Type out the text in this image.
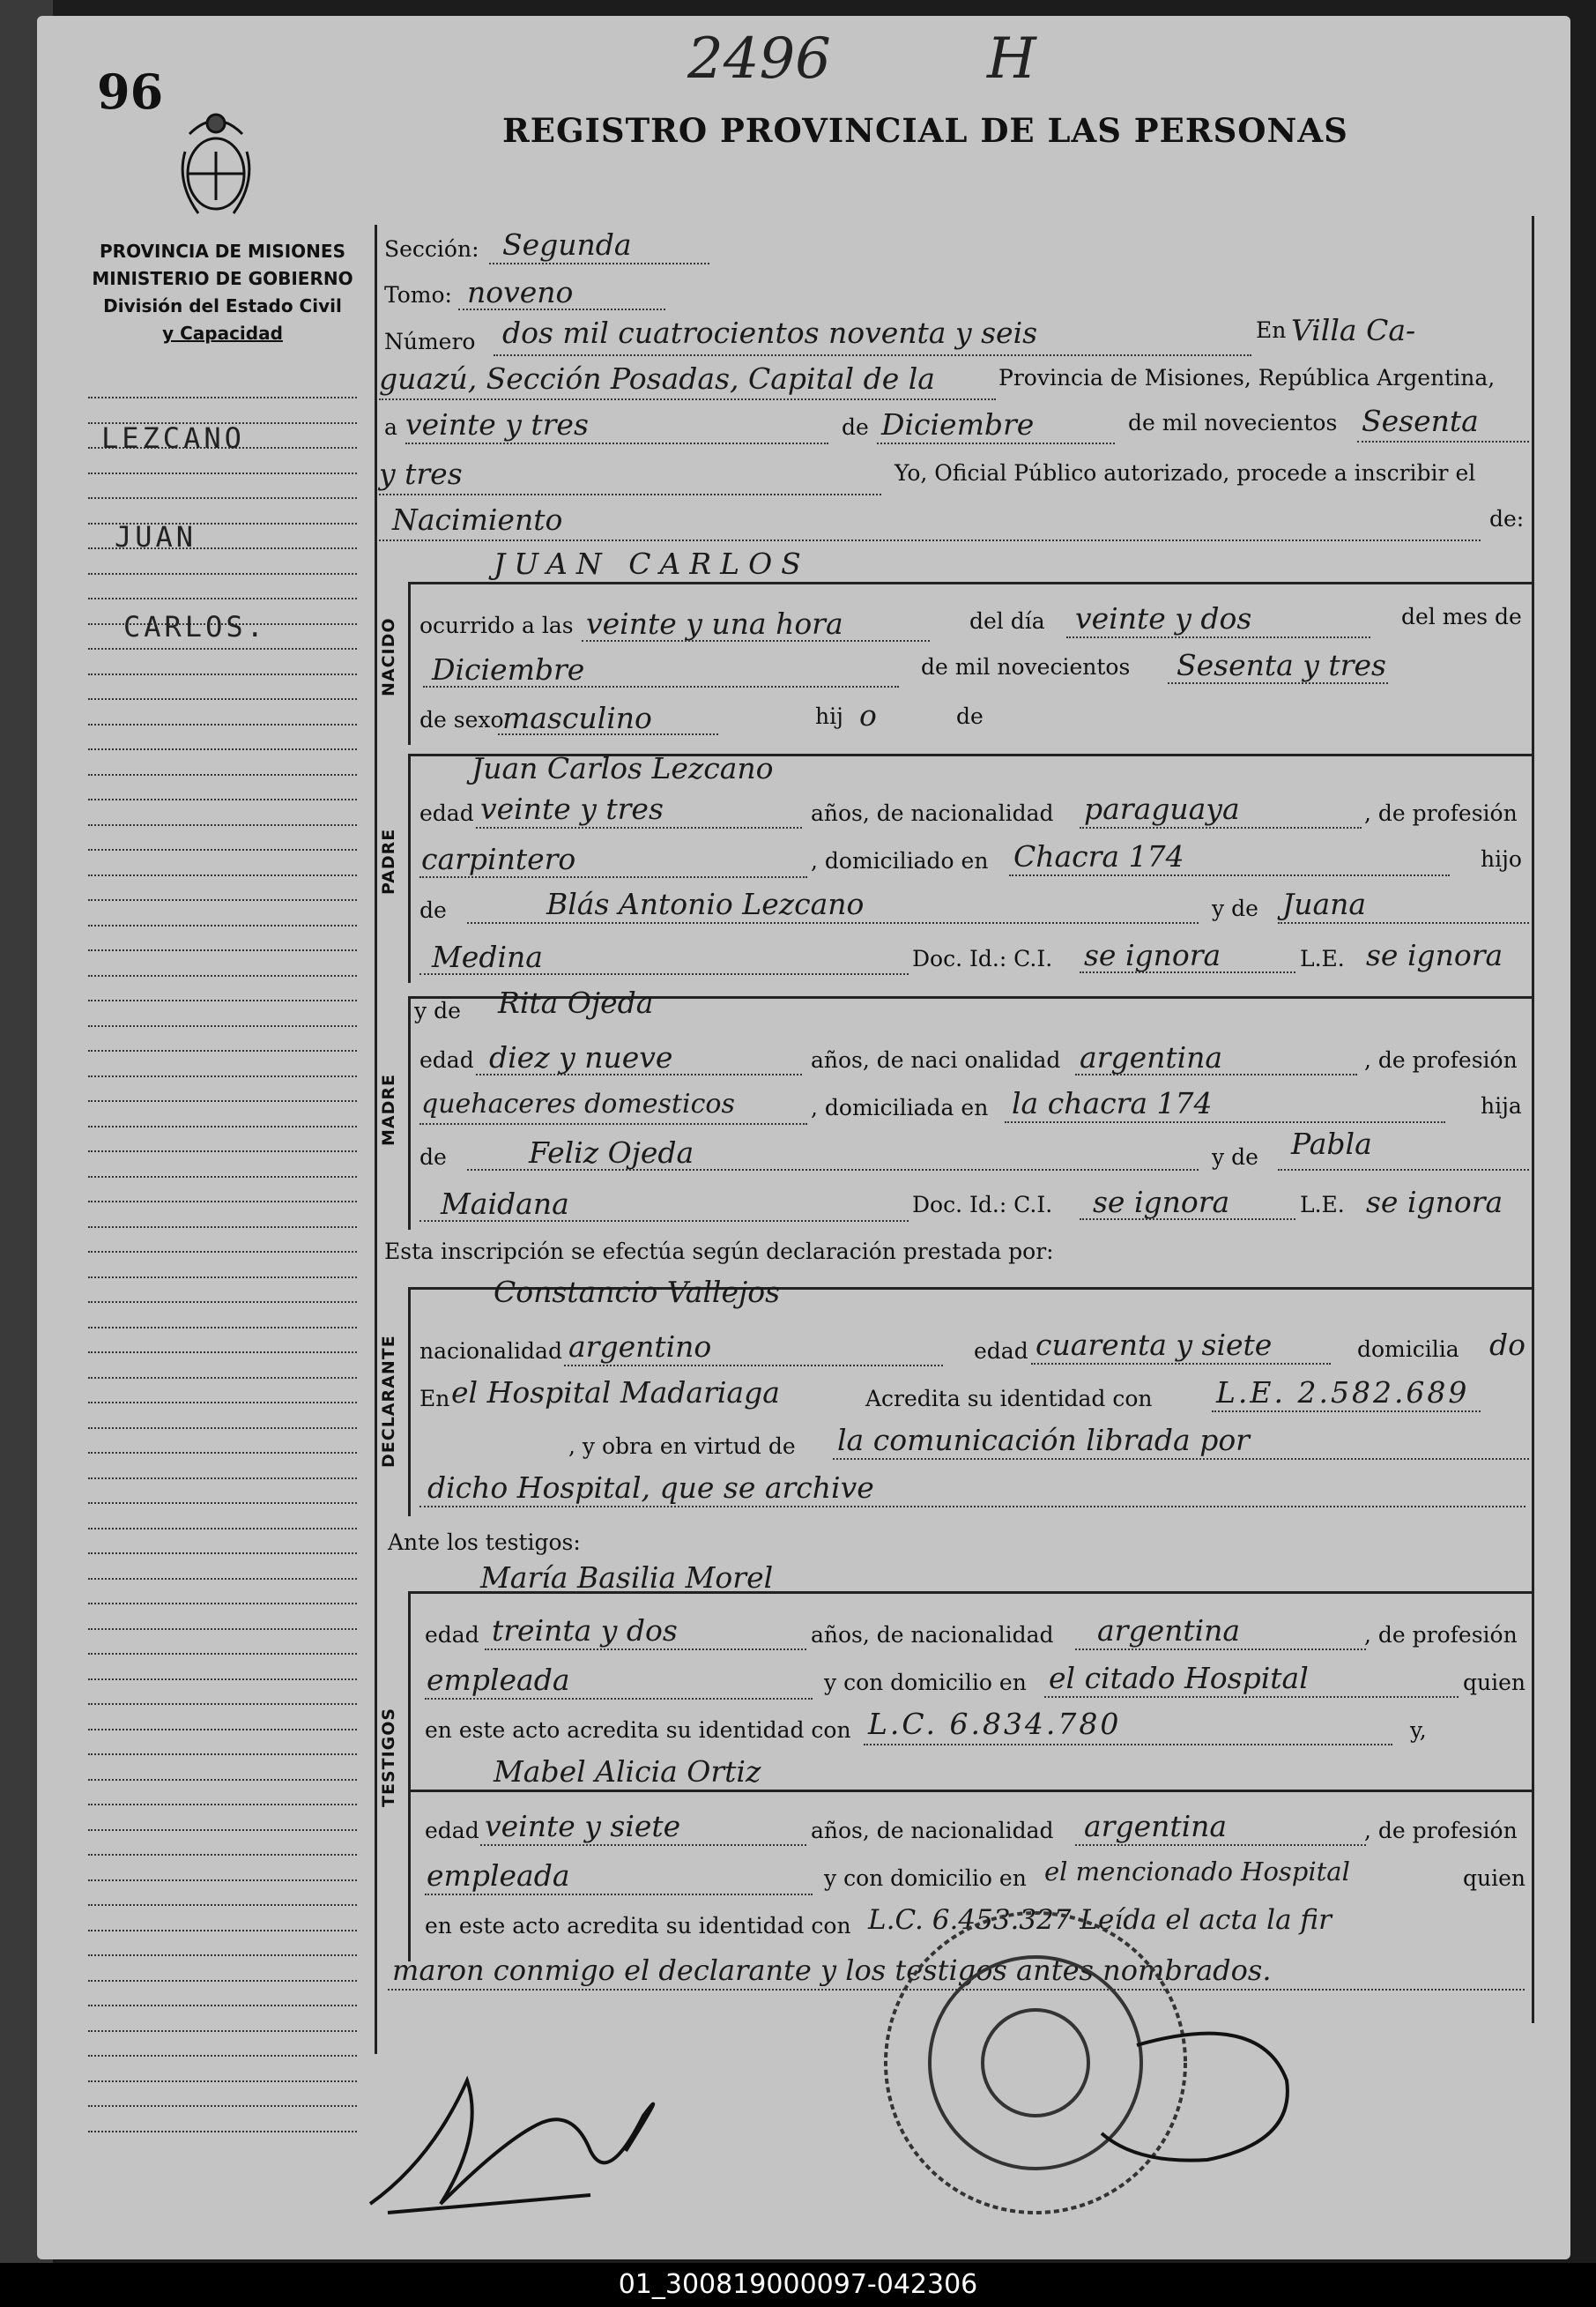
96	2496	H
REGISTRO PROVINCIAL DE LAS PERSONAS
PROVINCIA DE MISIONES
MINISTERIO DE GOBIERNO
División del Estado Civil
y Capacidad
LEZCANO
JUAN
CARLOS.	NACIDO
PADRE
MADRE
DECLARANTE
TESTIGOS
Sección: Segunda
Tomo: noveno
Número dos mil cuatrocientos noventa y seis	En Villa Ca-
guazú, Sección Posadas, Capital de la	Provincia de Misiones, República Argentina,
a veinte y tres	de Diciembre	de mil novecientos Sesenta
y tres	Yo, Oficial Público autorizado, procede a inscribir el
Nacimiento	de:
JUAN CARLOS
ocurrido a las veinte y una hora	del día veinte y dos	del mes de
Diciembre	de mil novecientos Sesenta y tres
de sexo
masculino	hij o	de
Juan Carlos Lezcano
edad veinte y tres	años, de nacionalidad paraguaya	, de profesión
carpintero	, domiciliado en Chacra 174	hijo
de	Blás Antonio Lezcano	y de Juana
Medina	Doc. Id.: C.I. se ignora	L.E. se ignora
y de Rita Ojeda
edad diez y nueve	años, de naci onalidad argentina	, de profesión
quehaceres domesticos	, domiciliada en la chacra 174	hija
de	Feliz Ojeda	y de Pabla
Maidana	Doc. Id.: C.I. se ignora	L.E. se ignora
Esta inscripción se efectúa según declaración prestada por:
Constancio Vallejos
nacionalidad argentino	edad cuarenta y siete	domicilia do
En el Hospital Madariaga	Acredita su identidad con L.E. 2.582.689
, y obra en virtud de la comunicación librada por
dicho Hospital, que se archive
Ante los testigos:
María Basilia Morel
edad treinta y dos	años, de nacionalidad argentina	, de profesión
empleada	y con domicilio en el citado Hospital	quien
en este acto acredita su identidad con L.C. 6.834.780	y,
Mabel Alicia Ortiz
edad veinte y siete	años, de nacionalidad argentina	, de profesión
empleada	y con domicilio en el mencionado Hospital	quien
en este acto acredita su identidad con L.C. 6.453.327 Leída el acta la fir
maron conmigo el declarante y los testigos antes nombrados.
01_300819000097-042306
